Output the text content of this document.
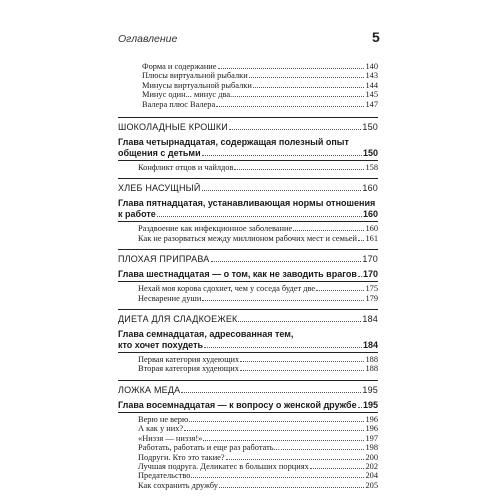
Оглавление	5
Форма и содержание	140
Плюсы виртуальной рыбалки	143
Минусы виртуальной рыбалки	144
Минус один... минус два...	145
Валера плюс Валера	147
ШОКОЛАДНЫЕ КРОШКИ	150
Глава четырнадцатая, содержащая полезный опыт
общения с детьми	150
Конфликт отцов и чайлдов	158
ХЛЕБ НАСУЩНЫЙ	160
Глава пятнадцатая, устанавливающая нормы отношения
к работе	160
Раздвоение как инфекционное заболевание	160
Как не разорваться между миллионом рабочих мест и семьей 161
ПЛОХАЯ ПРИПРАВА	170
Глава шестнадцатая — о том, как не заводить врагов 170
Нехай моя корова сдохнет, чем у соседа будет две	175
Несварение души	179
ДИЕТА ДЛЯ СЛАДКОЕЖЕК	184
Глава семнадцатая, адресованная тем,
кто хочет похудеть	184
Первая категория худеющих	188
Вторая категория худеющих	188
ЛОЖКА МЕДА	195
Глава восемнадцатая — к вопросу о женской дружбе 195
Верю не верю	196
А как у них?	196
«Низзя — низзя!»	197
Работать, работать и еще раз работать...	198
Подруги. Кто это такие?	200
Лучшая подруга. Деликатес в больших порциях	202
Предательство	204
Как сохранить дружбу	205
